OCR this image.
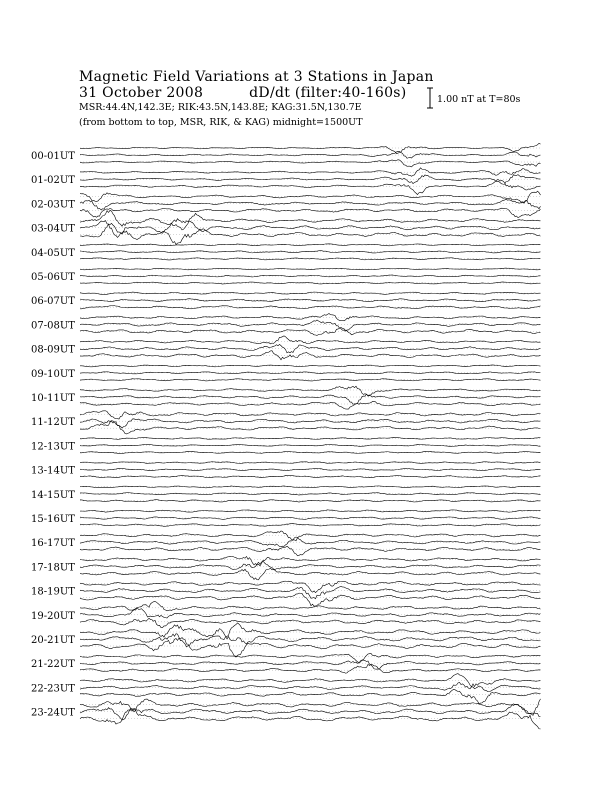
Magnetic Field Variations at 3 Stations in Japan
31 October 2008	dD/dt (filter:40-160s)
MSR:44.4N,142.3E; RIK:43.5N,143.8E; KAG:31.5N,130.7E
(from bottom to top, MSR, RIK, & KAG) midnight=1500UT
1.00 nT at T=80s
00-01UT
01-02UT
02-03UT
03-04UT
04-05UT
05-06UT
06-07UT
07-08UT
08-09UT
09-10UT
10-11UT
11-12UT
12-13UT
13-14UT
14-15UT
15-16UT
16-17UT
17-18UT
18-19UT
19-20UT
20-21UT
21-22UT
22-23UT
23-24UT
